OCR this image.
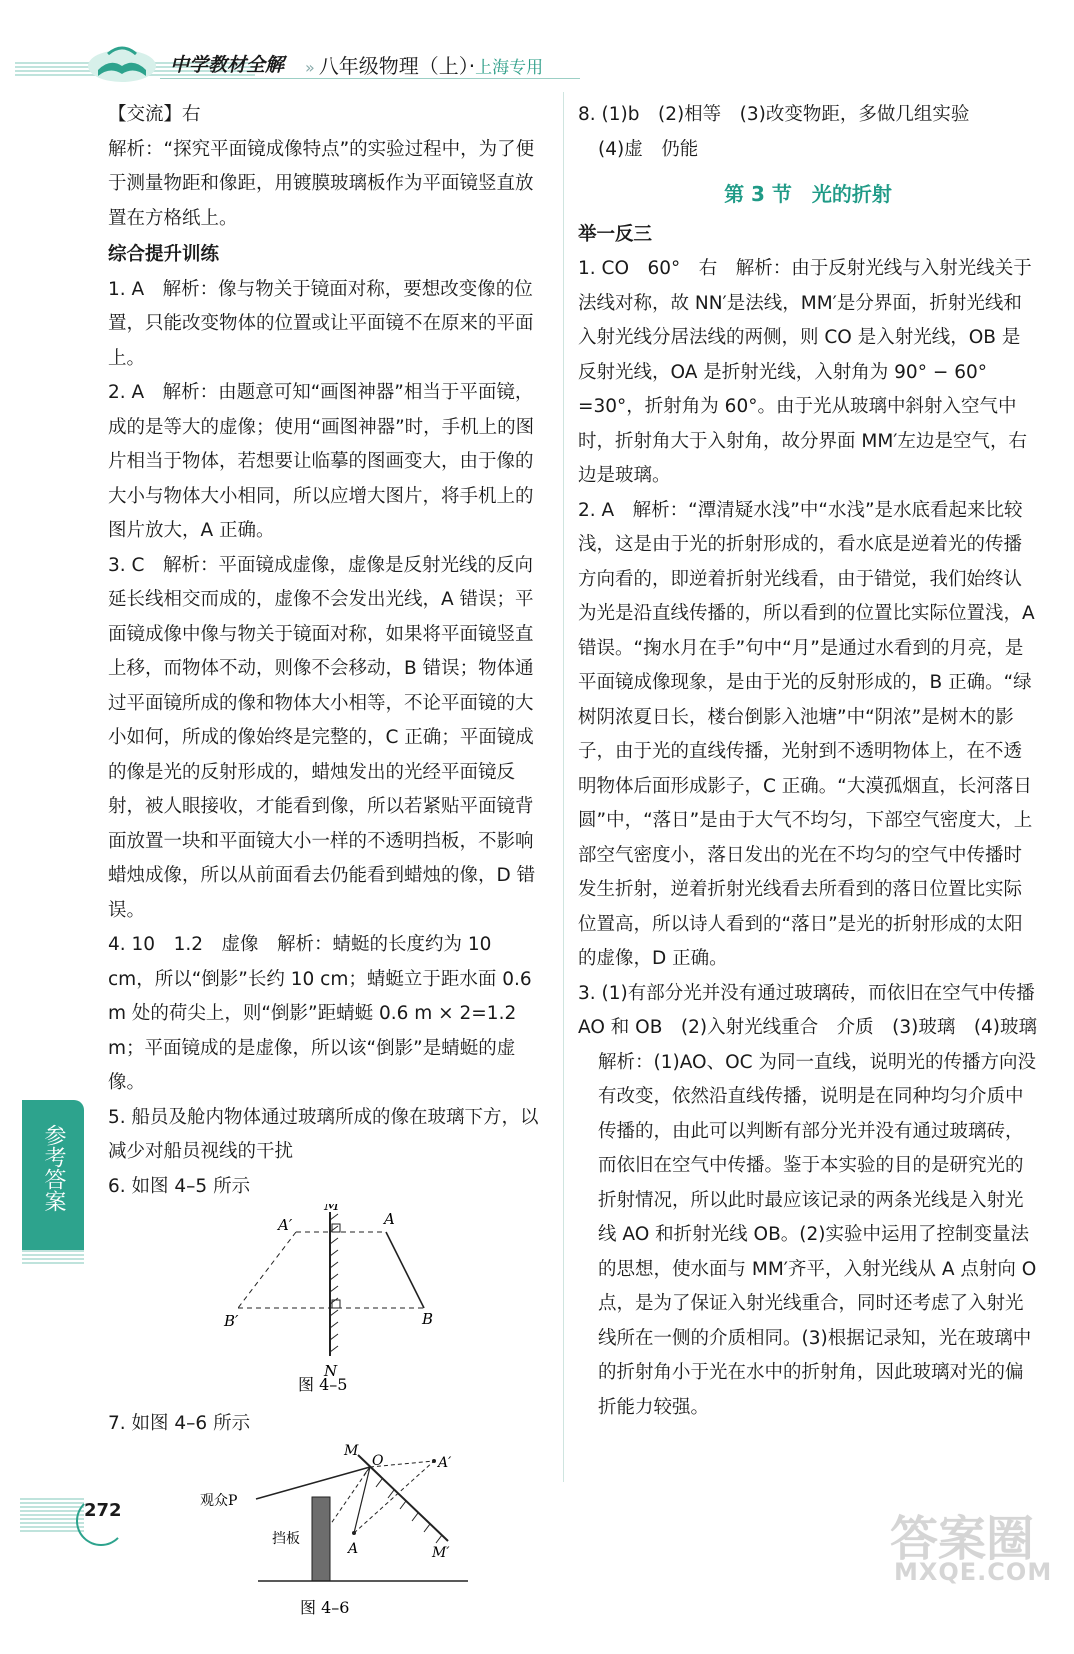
中学教材全解 » 八年级物理（上）·上海专用

【交流】右

解析：“探究平面镜成像特点”的实验过程中，为了便于测量物距和像距，用镀膜玻璃板作为平面镜竖直放置在方格纸上。

综合提升训练

1. A　解析：像与物关于镜面对称，要想改变像的位置，只能改变物体的位置或让平面镜不在原来的平面上。

2. A　解析：由题意可知“画图神器”相当于平面镜，成的是等大的虚像；使用“画图神器”时，手机上的图片相当于物体，若想要让临摹的图画变大，由于像的大小与物体大小相同，所以应增大图片，将手机上的图片放大，A 正确。

3. C　解析：平面镜成虚像，虚像是反射光线的反向延长线相交而成的，虚像不会发出光线，A 错误；平面镜成像中像与物关于镜面对称，如果将平面镜竖直上移，而物体不动，则像不会移动，B 错误；物体通过平面镜所成的像和物体大小相等，不论平面镜的大小如何，所成的像始终是完整的，C 正确；平面镜成的像是光的反射形成的，蜡烛发出的光经平面镜反射，被人眼接收，才能看到像，所以若紧贴平面镜背面放置一块和平面镜大小一样的不透明挡板，不影响蜡烛成像，所以从前面看去仍能看到蜡烛的像，D 错误。

4. 10　1.2　虚像　解析：蜻蜓的长度约为 10 cm，所以“倒影”长约 10 cm；蜻蜓立于距水面 0.6 m 处的荷尖上，则“倒影”距蜻蜓 0.6 m × 2=1.2 m；平面镜成的是虚像，所以该“倒影”是蜻蜓的虚像。

5. 船员及舱内物体通过玻璃所成的像在玻璃下方，以减少对船员视线的干扰

6. 如图 4–5 所示

M
N
A′	A
B′	B
图 4–5

7. 如图 4–6 所示

M
O	A′
观众P
挡板
A	M′
图 4–6

8. (1)b　(2)相等　(3)改变物距，多做几组实验

(4)虚　仍能

第 3 节　光的折射

举一反三

1. CO　60°　右　解析：由于反射光线与入射光线关于法线对称，故 NN′是法线，MM′是分界面，折射光线和入射光线分居法线的两侧，则 CO 是入射光线，OB 是反射光线，OA 是折射光线，入射角为 90° − 60° =30°，折射角为 60°。由于光从玻璃中斜射入空气中时，折射角大于入射角，故分界面 MM′左边是空气，右边是玻璃。

2. A　解析：“潭清疑水浅”中“水浅”是水底看起来比较浅，这是由于光的折射形成的，看水底是逆着光的传播方向看的，即逆着折射光线看，由于错觉，我们始终认为光是沿直线传播的，所以看到的位置比实际位置浅，A 错误。“掬水月在手”句中“月”是通过水看到的月亮，是平面镜成像现象，是由于光的反射形成的，B 正确。“绿树阴浓夏日长，楼台倒影入池塘”中“阴浓”是树木的影子，由于光的直线传播，光射到不透明物体上，在不透明物体后面形成影子，C 正确。“大漠孤烟直，长河落日圆”中，“落日”是由于大气不均匀，下部空气密度大，上部空气密度小，落日发出的光在不均匀的空气中传播时发生折射，逆着折射光线看去所看到的落日位置比实际位置高，所以诗人看到的“落日”是光的折射形成的太阳的虚像，D 正确。

3. (1)有部分光并没有通过玻璃砖，而依旧在空气中传播　AO 和 OB　(2)入射光线重合　介质　(3)玻璃　(4)玻璃

解析：(1)AO、OC 为同一直线，说明光的传播方向没有改变，依然沿直线传播，说明是在同种均匀介质中传播的，由此可以判断有部分光并没有通过玻璃砖，而依旧在空气中传播。鉴于本实验的目的是研究光的折射情况，所以此时最应该记录的两条光线是入射光线 AO 和折射光线 OB。(2)实验中运用了控制变量法的思想，使水面与 MM′齐平，入射光线从 A 点射向 O 点，是为了保证入射光线重合，同时还考虑了入射光线所在一侧的介质相同。(3)根据记录知，光在玻璃中的折射角小于光在水中的折射角，因此玻璃对光的偏折能力较强。

参考答案
272
答案圈
MXQE.COM
